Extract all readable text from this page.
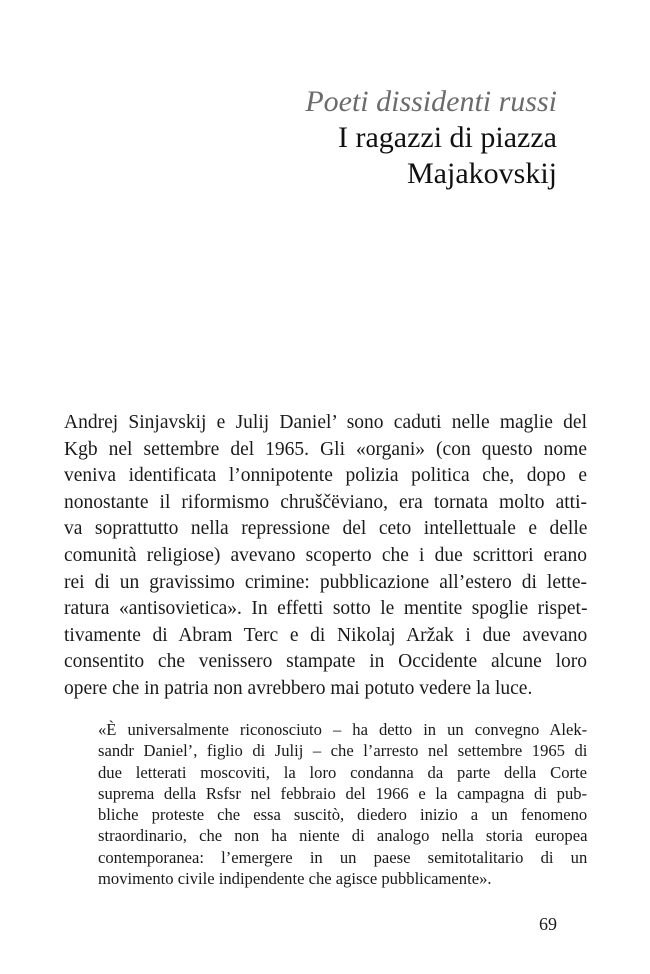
Poeti dissidenti russi
I ragazzi di piazza
Majakovskij

Andrej Sinjavskij e Julij Daniel’ sono caduti nelle maglie del
Kgb nel settembre del 1965. Gli «organi» (con questo nome
veniva identificata l’onnipotente polizia politica che, dopo e
nonostante il riformismo chruščëviano, era tornata molto atti-
va soprattutto nella repressione del ceto intellettuale e delle
comunità religiose) avevano scoperto che i due scrittori erano
rei di un gravissimo crimine: pubblicazione all’estero di lette-
ratura «antisovietica». In effetti sotto le mentite spoglie rispet-
tivamente di Abram Terc e di Nikolaj Aržak i due avevano
consentito che venissero stampate in Occidente alcune loro
opere che in patria non avrebbero mai potuto vedere la luce.

«È universalmente riconosciuto – ha detto in un convegno Alek-
sandr Daniel’, figlio di Julij – che l’arresto nel settembre 1965 di
due letterati moscoviti, la loro condanna da parte della Corte
suprema della Rsfsr nel febbraio del 1966 e la campagna di pub-
bliche proteste che essa suscitò, diedero inizio a un fenomeno
straordinario, che non ha niente di analogo nella storia europea
contemporanea: l’emergere in un paese semitotalitario di un
movimento civile indipendente che agisce pubblicamente».
69
